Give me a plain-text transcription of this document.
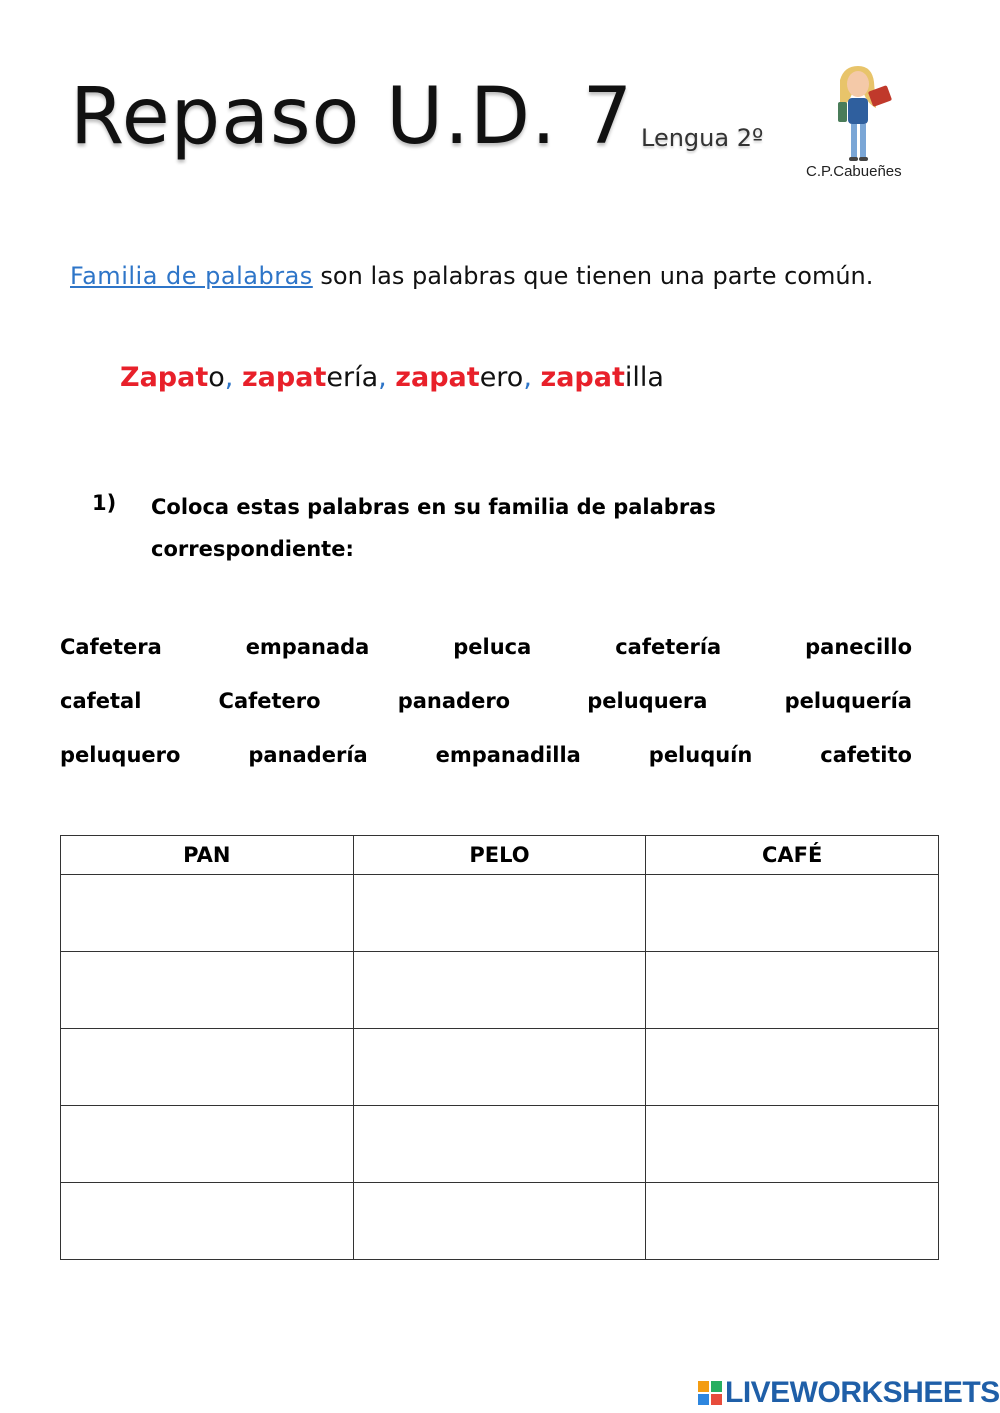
Repaso U.D. 7 Lengua 2º
C.P.Cabueñes
Familia de palabras son las palabras que tienen una parte común.
Zapato, zapatería, zapatero, zapatilla
1) Coloca estas palabras en su familia de palabras correspondiente:
Cafetera	empanada	peluca	cafetería	panecillo
cafetal	Cafetero	panadero	peluquera	peluquería
peluquero	panadería	empanadilla	peluquín	cafetito
PAN	PELO	CAFÉ

LIVEWORKSHEETS
